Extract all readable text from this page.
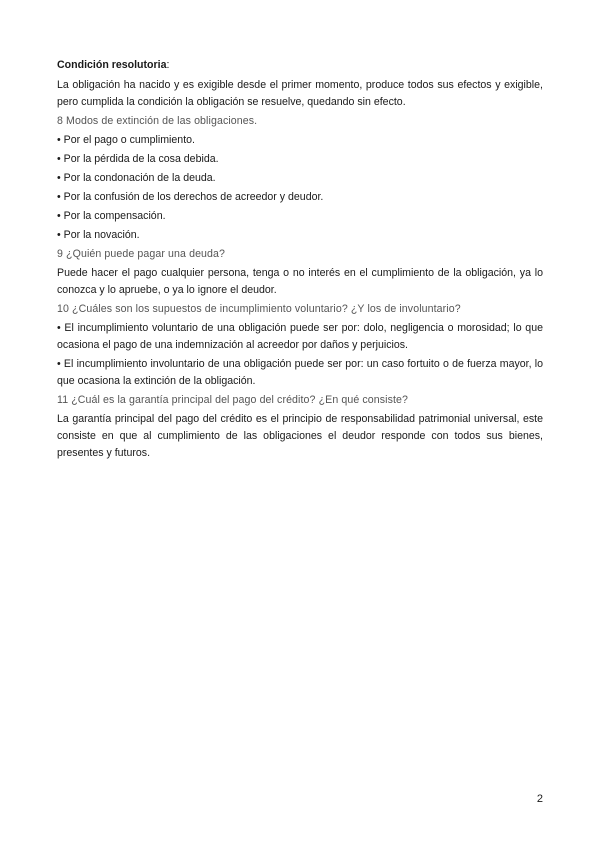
Condición resolutoria:

La obligación ha nacido y es exigible desde el primer momento, produce todos sus efectos y exigible, pero cumplida la condición la obligación se resuelve, quedando sin efecto.

8 Modos de extinción de las obligaciones.

• Por el pago o cumplimiento.

• Por la pérdida de la cosa debida.

• Por la condonación de la deuda.

• Por la confusión de los derechos de acreedor y deudor.

• Por la compensación.

• Por la novación.

9 ¿Quién puede pagar una deuda?

Puede hacer el pago cualquier persona, tenga o no interés en el cumplimiento de la obligación, ya lo conozca y lo apruebe, o ya lo ignore el deudor.

10 ¿Cuáles son los supuestos de incumplimiento voluntario? ¿Y los de involuntario?

• El incumplimiento voluntario de una obligación puede ser por: dolo, negligencia o morosidad; lo que ocasiona el pago de una indemnización al acreedor por daños y perjuicios.

• El incumplimiento involuntario de una obligación puede ser por: un caso fortuito o de fuerza mayor, lo que ocasiona la extinción de la obligación.

11 ¿Cuál es la garantía principal del pago del crédito? ¿En qué consiste?

La garantía principal del pago del crédito es el principio de responsabilidad patrimonial universal, este consiste en que al cumplimiento de las obligaciones el deudor responde con todos sus bienes, presentes y futuros.

2
